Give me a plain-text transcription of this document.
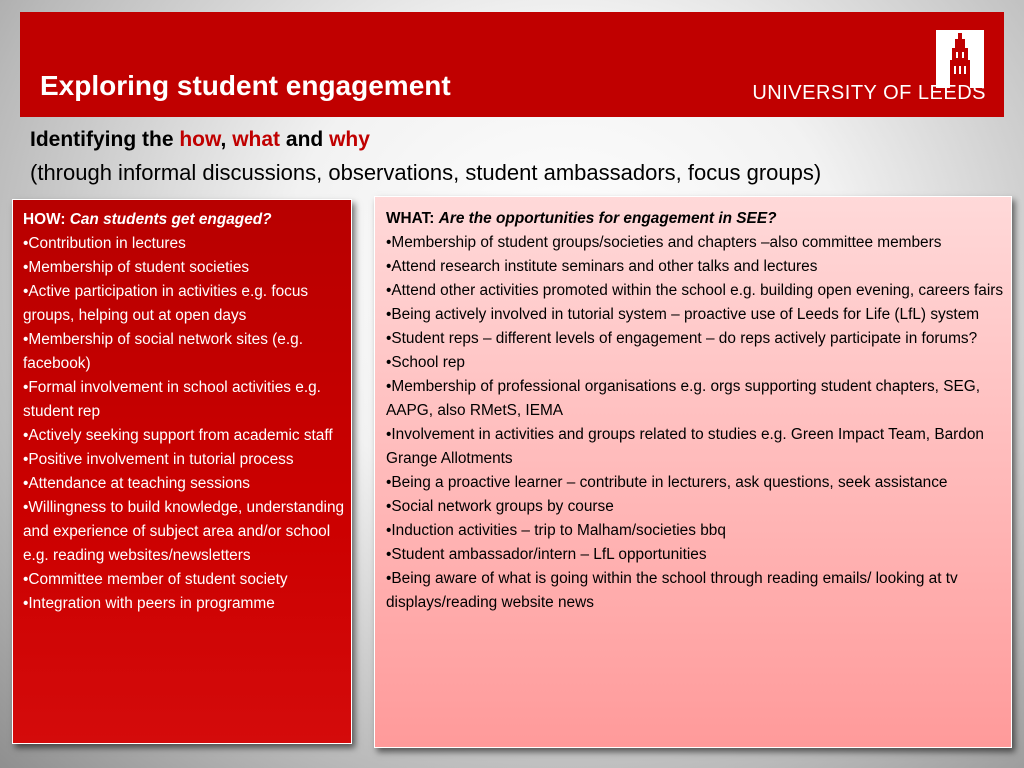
Exploring student engagement	UNIVERSITY OF LEEDS
Identifying the how, what and why
(through informal discussions, observations, student ambassadors, focus groups)

HOW: Can students get engaged?

• Contribution in lectures
• Membership of student societies
• Active participation in activities e.g. focus groups, helping out at open days
• Membership of social network sites (e.g. facebook)
• Formal involvement in school activities e.g. student rep
• Actively seeking support from academic staff
• Positive involvement in tutorial process
• Attendance at teaching sessions
• Willingness to build knowledge, understanding and experience of subject area and/or school e.g. reading websites/newsletters
• Committee member of student society
• Integration with peers in programme

WHAT: Are the opportunities for engagement in SEE?

• Membership of student groups/societies and chapters –also committee members
• Attend research institute seminars and other talks and lectures
• Attend other activities promoted within the school e.g. building open evening, careers fairs
• Being actively involved in tutorial system – proactive use of Leeds for Life (LfL) system
• Student reps – different levels of engagement – do reps actively participate in forums?
• School rep
• Membership of professional organisations e.g. orgs supporting student chapters, SEG, AAPG, also RMetS, IEMA
• Involvement in activities and groups related to studies e.g. Green Impact Team, Bardon Grange Allotments
• Being a proactive learner – contribute in lecturers, ask questions, seek assistance
• Social network groups by course
• Induction activities – trip to Malham/societies bbq
• Student ambassador/intern – LfL opportunities
• Being aware of what is going within the school through reading emails/ looking at tv displays/reading website news
